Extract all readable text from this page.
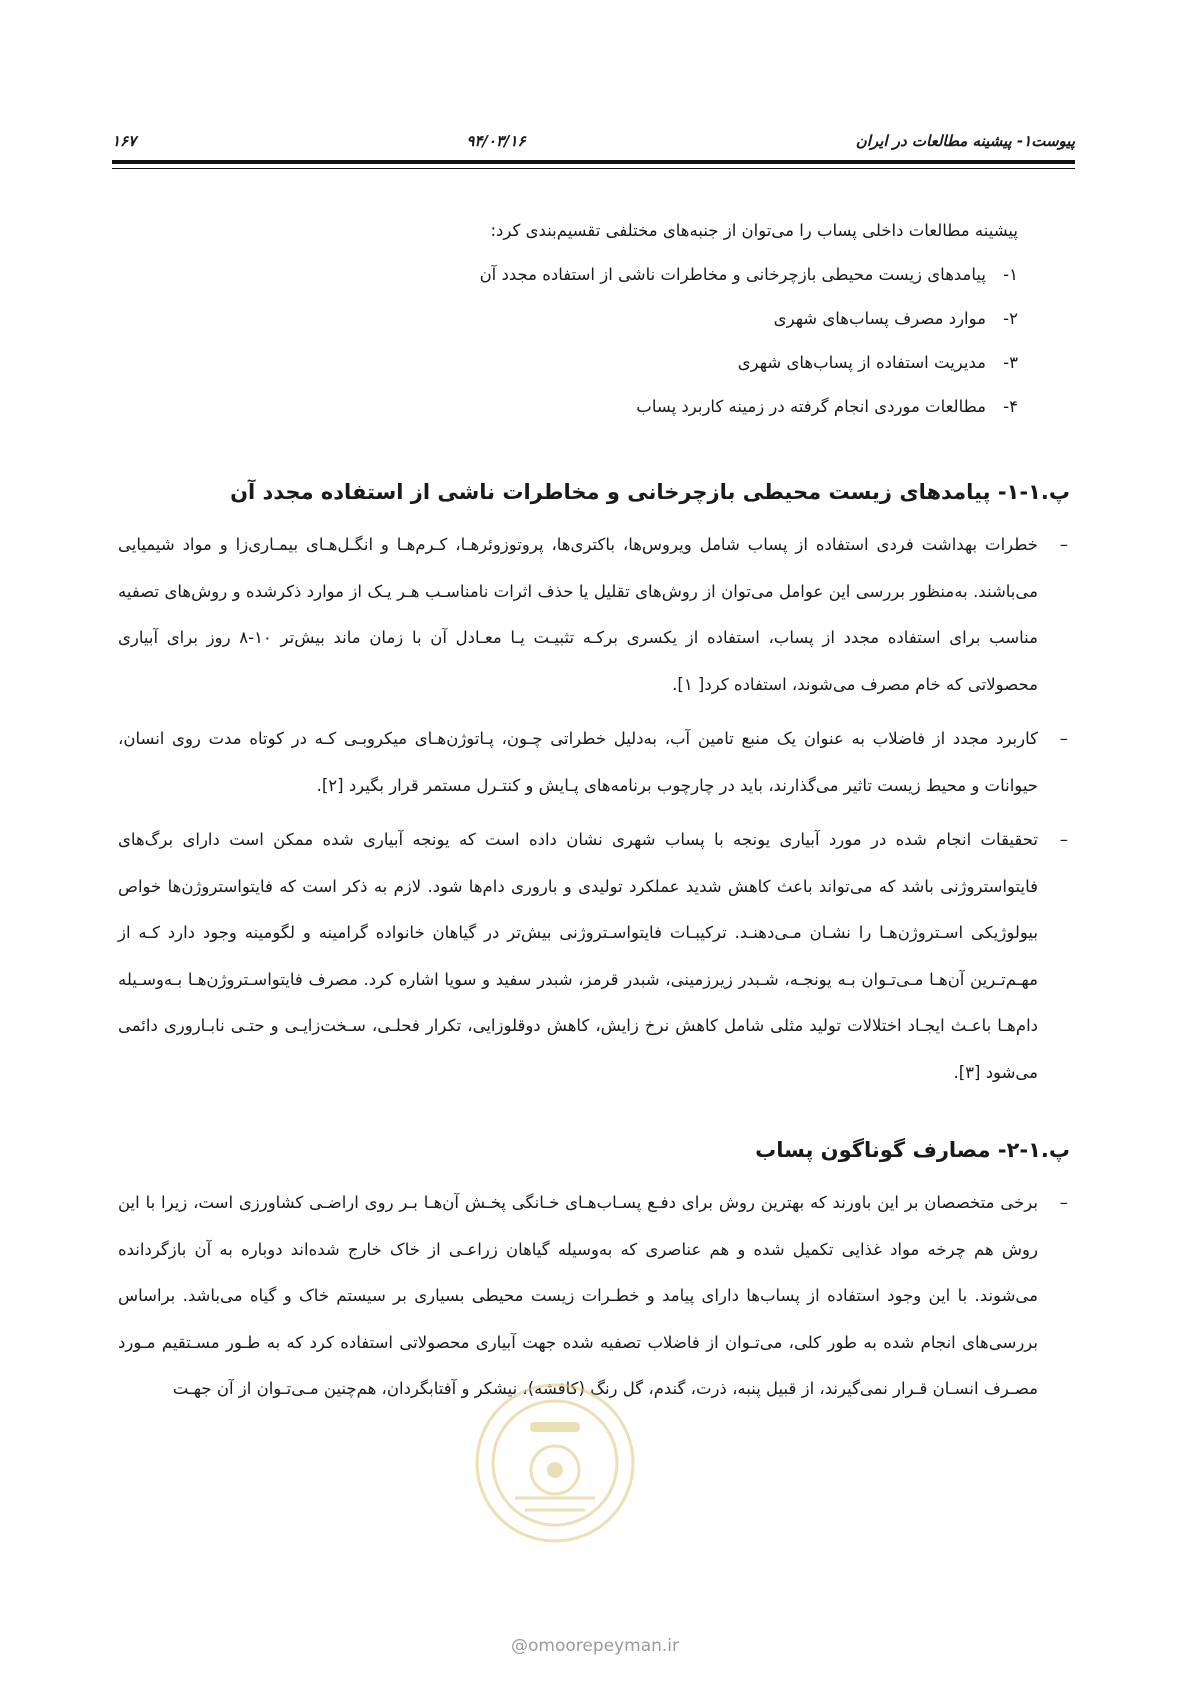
پیوست۱- پیشینه مطالعات در ایران
۹۴/۰۳/۱۶
۱۶۷

پیشینه مطالعات داخلی پساب را می‌توان از جنبه‌های مختلفی تقسیم‌بندی کرد:

۱-
پیامدهای زیست محیطی بازچرخانی و مخاطرات ناشی از استفاده مجدد آن
۲-
موارد مصرف پساب‌های شهری
۳-
مدیریت استفاده از پساب‌های شهری
۴-
مطالعات موردی انجام گرفته در زمینه کاربرد پساب
پ.۱-۱- پیامدهای زیست محیطی بازچرخانی و مخاطرات ناشی از استفاده مجدد آن
–
خطرات بهداشت فردی استفاده از پساب شامل ویروس‌ها، باکتری‌ها، پروتوزوئرهـا، کـرم‌هـا و انگـل‌هـای بیمـاری‌زا و مواد شیمیایی می‌باشند. به‌منظور بررسی این عوامل می‌توان از روش‌های تقلیل یا حذف اثرات نامناسـب هـر یـک از موارد ذکرشده و روش‌های تصفیه مناسب برای استفاده مجدد از پساب، استفاده از یکسری برکـه تثبیـت یـا معـادل آن با زمان ماند بیش‌تر ۱۰-۸ روز برای آبیاری محصولاتی که خام مصرف می‌شوند، استفاده کرد[ ۱].
–
کاربرد مجدد از فاضلاب به عنوان یک منبع تامین آب، به‌دلیل خطراتی چـون، پـاتوژن‌هـای میکروبـی کـه در کوتاه مدت روی انسان، حیوانات و محیط زیست تاثیر می‌گذارند، باید در چارچوب برنامه‌های پـایش و کنتـرل مستمر قرار بگیرد [۲].
–
تحقیقات انجام شده در مورد آبیاری یونجه با پساب شهری نشان داده است که یونجه آبیاری شده ممکن است دارای برگ‌های فایتواستروژنی باشد که می‌تواند باعث کاهش شدید عملکرد تولیدی و باروری دام‌ها شود. لازم به ذکر است که فایتواستروژن‌ها خواص بیولوژیکی اسـتروژن‌هـا را نشـان مـی‌دهنـد. ترکیبـات فایتواسـتروژنی بیش‌تر در گیاهان خانواده گرامینه و لگومینه وجود دارد کـه از مهـم‌تـرین آن‌هـا مـی‌تـوان بـه یونجـه، شـبدر زیرزمینی، شبدر قرمز، شبدر سفید و سویا اشاره کرد. مصرف فایتواسـتروژن‌هـا بـه‌وسـیله دام‌هـا باعـث ایجـاد اختلالات تولید مثلی شامل کاهش نرخ زایش، کاهش دوقلوزایی، تکرار فحلـی، سـخت‌زایـی و حتـی نابـاروری دائمی می‌شود [۳].
پ.۱-۲- مصارف گوناگون پساب
–
برخی متخصصان بر این باورند که بهترین روش برای دفـع پسـاب‌هـای خـانگی پخـش آن‌هـا بـر روی اراضـی کشاورزی است، زیرا با این روش هم چرخه مواد غذایی تکمیل شده و هم عناصری که به‌وسیله گیاهان زراعـی از خاک خارج شده‌اند دوباره به آن بازگردانده می‌شوند. با این وجود استفاده از پساب‌ها دارای پیامد و خطـرات زیست محیطی بسیاری بر سیستم خاک و گیاه می‌باشد. براساس بررسی‌های انجام شده به طور کلی، می‌تـوان از فاضلاب تصفیه شده جهت آبیاری محصولاتی استفاده کرد که به طـور مسـتقیم مـورد مصـرف انسـان قـرار نمی‌گیرند، از قبیل پنبه، ذرت، گندم، گل رنگ (کافشه)، نیشکر و آفتابگردان، هم‌چنین مـی‌تـوان از آن جهـت
@omoorepeyman.ir
